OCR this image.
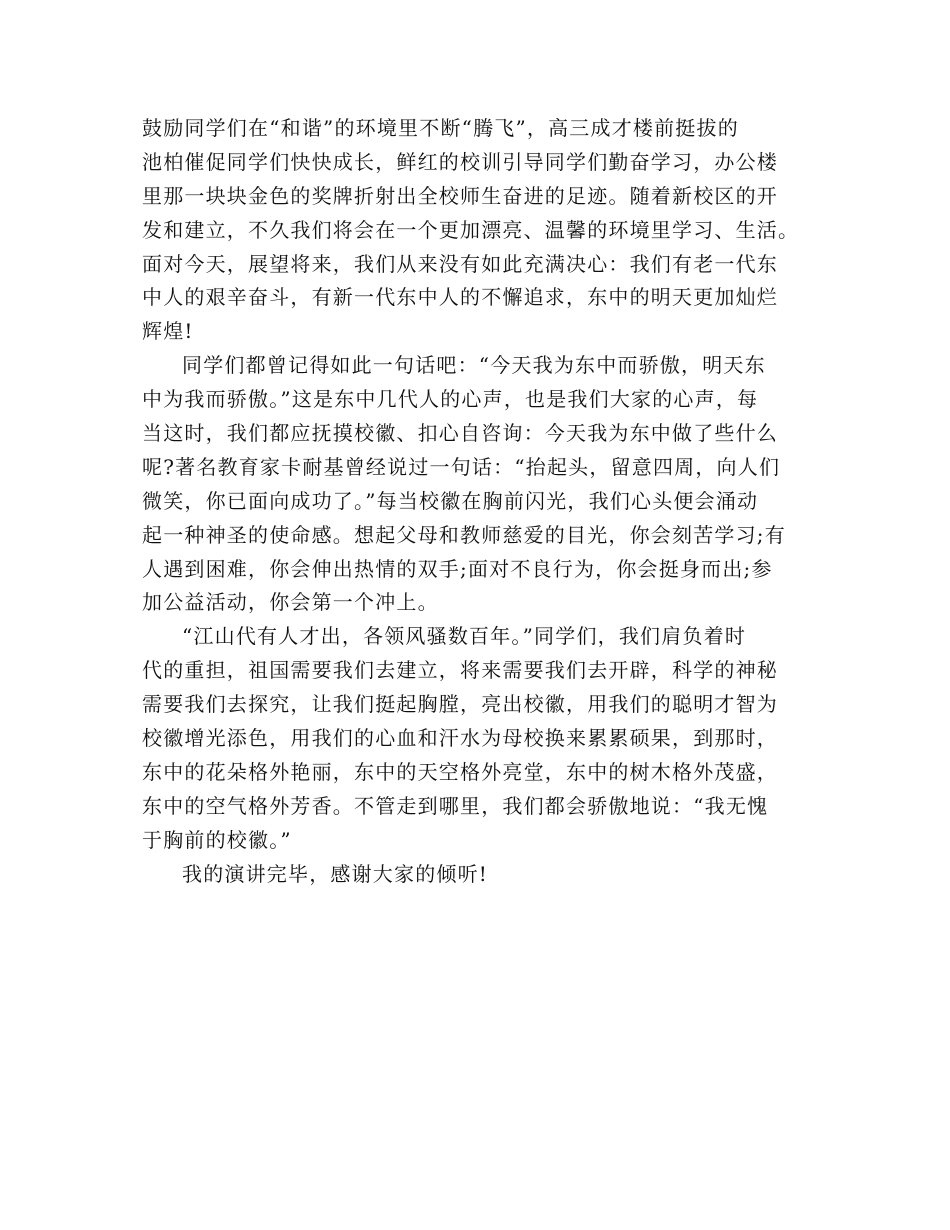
鼓励同学们在“和谐”的环境里不断“腾飞”，高三成才楼前挺拔的
池柏催促同学们快快成长，鲜红的校训引导同学们勤奋学习，办公楼
里那一块块金色的奖牌折射出全校师生奋进的足迹。随着新校区的开
发和建立，不久我们将会在一个更加漂亮、温馨的环境里学习、生活。
面对今天，展望将来，我们从来没有如此充满决心：我们有老一代东
中人的艰辛奋斗，有新一代东中人的不懈追求，东中的明天更加灿烂
辉煌!
同学们都曾记得如此一句话吧：“今天我为东中而骄傲，明天东
中为我而骄傲。”这是东中几代人的心声，也是我们大家的心声，每
当这时，我们都应抚摸校徽、扣心自咨询：今天我为东中做了些什么
呢?著名教育家卡耐基曾经说过一句话：“抬起头，留意四周，向人们
微笑，你已面向成功了。”每当校徽在胸前闪光，我们心头便会涌动
起一种神圣的使命感。想起父母和教师慈爱的目光，你会刻苦学习;有
人遇到困难，你会伸出热情的双手;面对不良行为，你会挺身而出;参
加公益活动，你会第一个冲上。
“江山代有人才出，各领风骚数百年。”同学们，我们肩负着时
代的重担，祖国需要我们去建立，将来需要我们去开辟，科学的神秘
需要我们去探究，让我们挺起胸膛，亮出校徽，用我们的聪明才智为
校徽增光添色，用我们的心血和汗水为母校换来累累硕果，到那时，
东中的花朵格外艳丽，东中的天空格外亮堂，东中的树木格外茂盛，
东中的空气格外芳香。不管走到哪里，我们都会骄傲地说：“我无愧
于胸前的校徽。”
我的演讲完毕，感谢大家的倾听!
